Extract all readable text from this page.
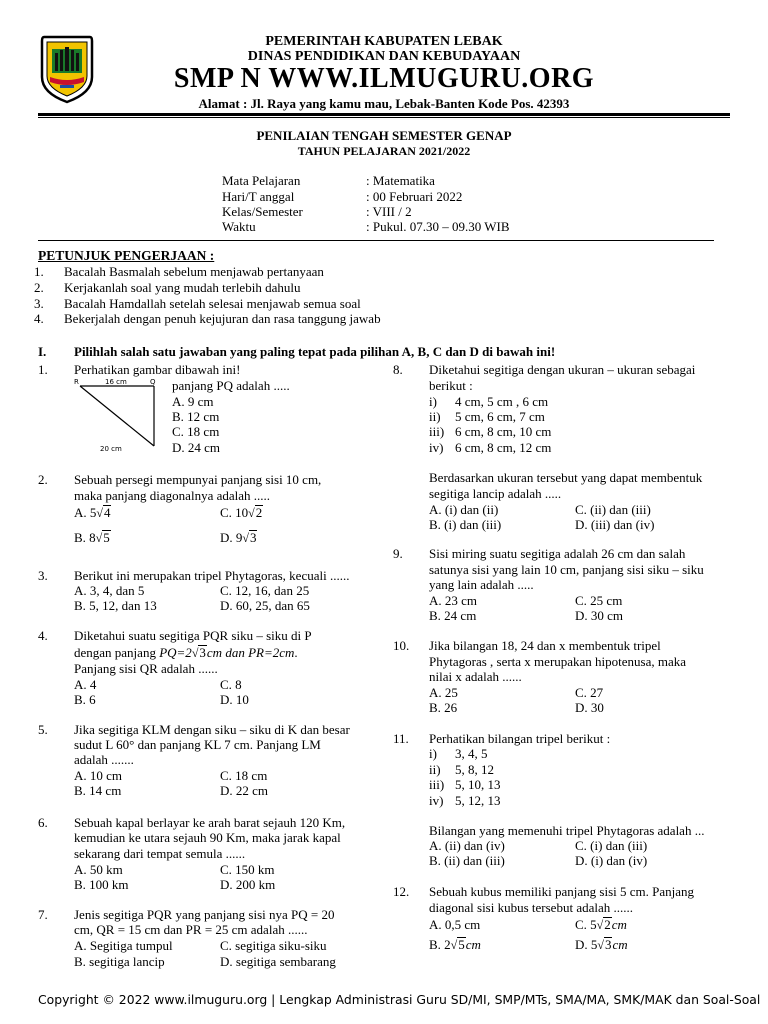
PEMERINTAH KABUPATEN LEBAK
DINAS PENDIDIKAN DAN KEBUDAYAAN
SMP N WWW.ILMUGURU.ORG
Alamat : Jl. Raya yang kamu mau, Lebak-Banten Kode Pos. 42393
PENILAIAN TENGAH SEMESTER GENAP
TAHUN PELAJARAN 2021/2022
Mata Pelajaran	: Matematika
Hari/T anggal	: 00 Februari 2022
Kelas/Semester	: VIII / 2
Waktu	: Pukul. 07.30 – 09.30 WIB
PETUNJUK PENGERJAAN :
1. Bacalah Basmalah sebelum menjawab pertanyaan
2. Kerjakanlah soal yang mudah terlebih dahulu
3. Bacalah Hamdallah setelah selesai menjawab semua soal
4. Bekerjalah dengan penuh kejujuran dan rasa tanggung jawab
I. Pilihlah salah satu jawaban yang paling tepat pada pilihan A, B, C dan D di bawah ini!
1. Perhatikan gambar dibawah ini!
R	Q
16 cm
20 cm
panjang PQ adalah .....
A. 9 cm
B. 12 cm
C. 18 cm
D. 24 cm
2. Sebuah persegi mempunyai panjang sisi 10 cm,
maka panjang diagonalnya adalah .....
A. 5√4	C. 10√2
B. 8√5	D. 9√3
3. Berikut ini merupakan tripel Phytagoras, kecuali ......
A. 3, 4, dan 5	C. 12, 16, dan 25
B. 5, 12, dan 13	D. 60, 25, dan 65
4. Diketahui suatu segitiga PQR siku – siku di P
dengan panjang PQ=2√3cm dan PR=2cm.
Panjang sisi QR adalah ......
A. 4	C. 8
B. 6	D. 10
5. Jika segitiga KLM dengan siku – siku di K dan besar
sudut L 60° dan panjang KL 7 cm. Panjang LM
adalah .......
A. 10 cm	C. 18 cm
B. 14 cm	D. 22 cm
6. Sebuah kapal berlayar ke arah barat sejauh 120 Km,
kemudian ke utara sejauh 90 Km, maka jarak kapal
sekarang dari tempat semula ......
A. 50 km	C. 150 km
B. 100 km	D. 200 km
7. Jenis segitiga PQR yang panjang sisi nya PQ = 20
cm, QR = 15 cm dan PR = 25 cm adalah ......
A. Segitiga tumpul	C. segitiga siku-siku
B. segitiga lancip	D. segitiga sembarang
8. Diketahui segitiga dengan ukuran – ukuran sebagai
berikut :
i) 4 cm, 5 cm , 6 cm
ii) 5 cm, 6 cm, 7 cm
iii) 6 cm, 8 cm, 10 cm
iv) 6 cm, 8 cm, 12 cm
Berdasarkan ukuran tersebut yang dapat membentuk
segitiga lancip adalah .....
A. (i) dan (ii)	C. (ii) dan (iii)
B. (i) dan (iii)	D. (iii) dan (iv)
9. Sisi miring suatu segitiga adalah 26 cm dan salah
satunya sisi yang lain 10 cm, panjang sisi siku – siku
yang lain adalah .....
A. 23 cm	C. 25 cm
B. 24 cm	D. 30 cm
10. Jika bilangan 18, 24 dan x membentuk tripel
Phytagoras , serta x merupakan hipotenusa, maka
nilai x adalah ......
A. 25	C. 27
B. 26	D. 30
11. Perhatikan bilangan tripel berikut :
i) 3, 4, 5
ii) 5, 8, 12
iii) 5, 10, 13
iv) 5, 12, 13
Bilangan yang memenuhi tripel Phytagoras adalah ...
A. (ii) dan (iv)	C. (i) dan (iii)
B. (ii) dan (iii)	D. (i) dan (iv)
12. Sebuah kubus memiliki panjang sisi 5 cm. Panjang
diagonal sisi kubus tersebut adalah ......
A. 0,5 cm	C. 5√2cm
B. 2√5cm	D. 5√3cm
Copyright © 2022 www.ilmuguru.org | Lengkap Administrasi Guru SD/MI, SMP/MTs, SMA/MA, SMK/MAK dan Soal-Soal
